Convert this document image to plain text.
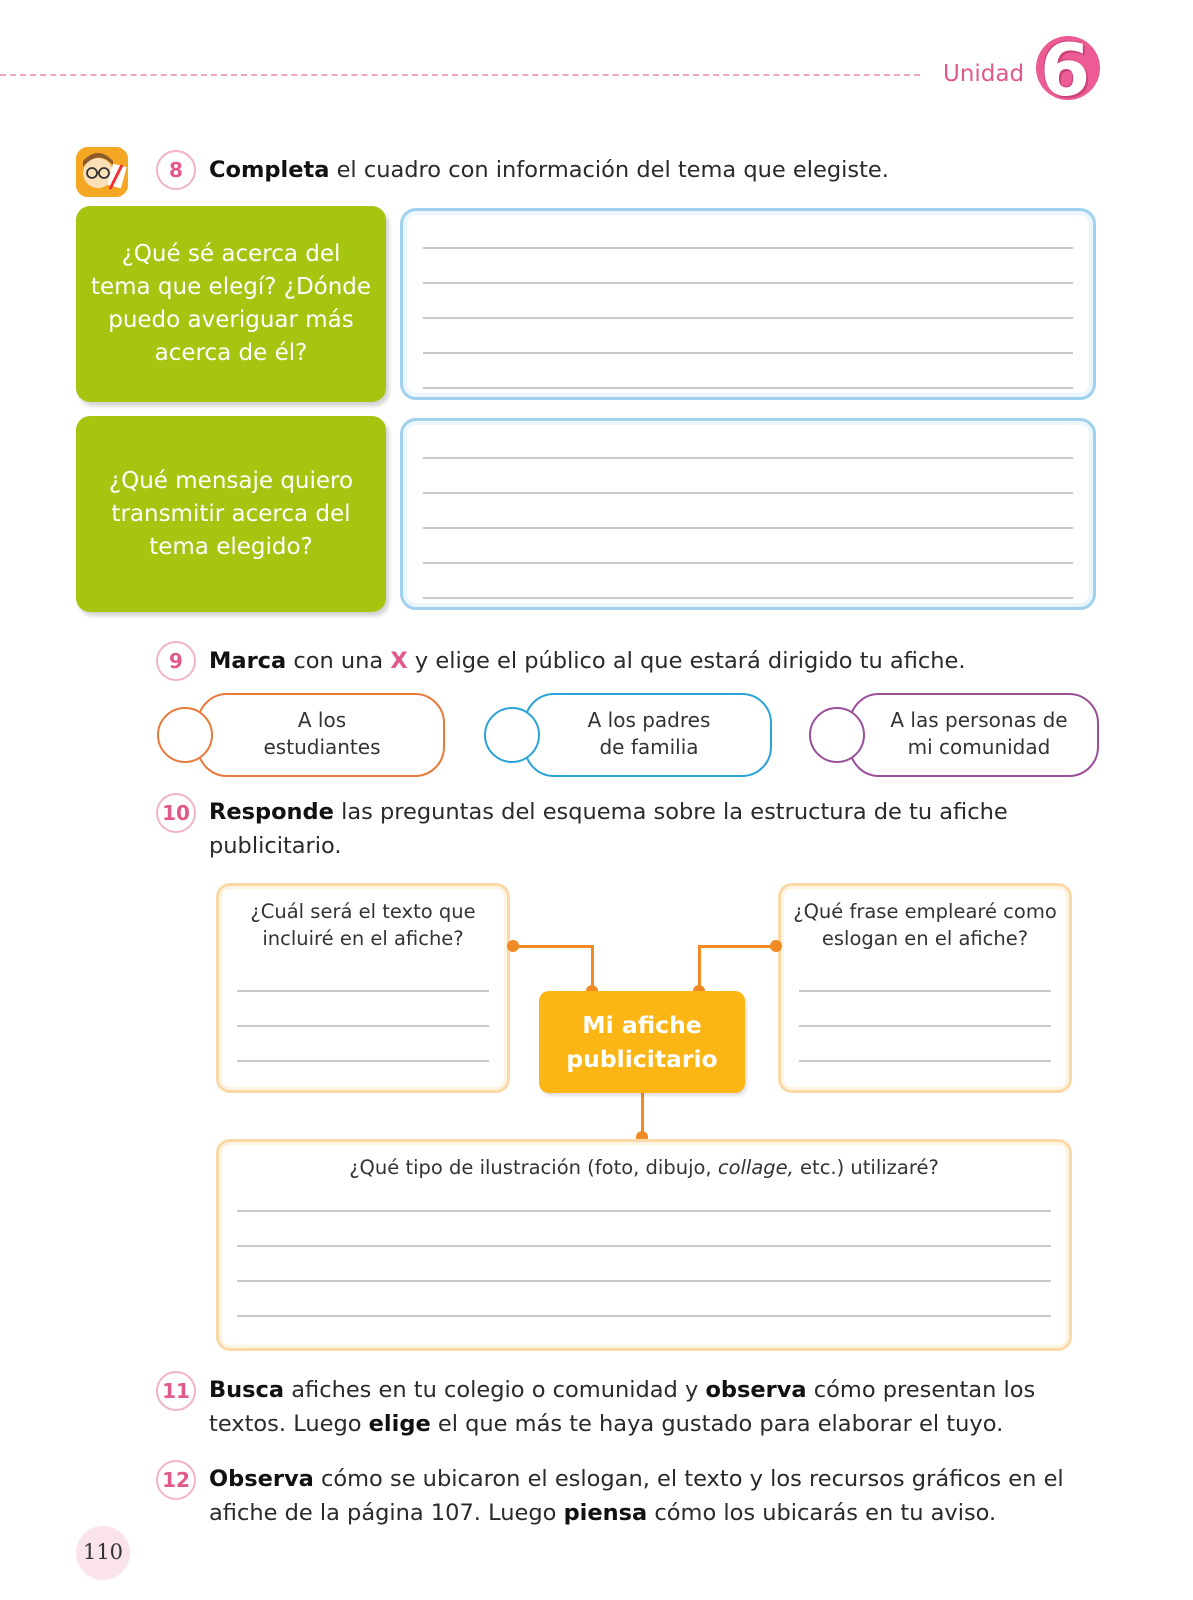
Unidad 6
8	Completa el cuadro con información del tema que elegiste.
¿Qué sé acerca del tema que elegí? ¿Dónde puedo averiguar más acerca de él?
¿Qué mensaje quiero transmitir acerca del tema elegido?
9	Marca con una X y elige el público al que estará dirigido tu afiche.
A los
estudiantes
A los padres
de familia
A las personas de
mi comunidad
10 Responde las preguntas del esquema sobre la estructura de tu afiche
publicitario.
¿Cuál será el texto que incluiré en el afiche?
¿Qué frase emplearé como eslogan en el afiche?
Mi afiche
publicitario
¿Qué tipo de ilustración (foto, dibujo, collage, etc.) utilizaré?
11 Busca afiches en tu colegio o comunidad y observa cómo presentan los
textos. Luego elige el que más te haya gustado para elaborar el tuyo.
12 Observa cómo se ubicaron el eslogan, el texto y los recursos gráficos en el
afiche de la página 107. Luego piensa cómo los ubicarás en tu aviso.
110
